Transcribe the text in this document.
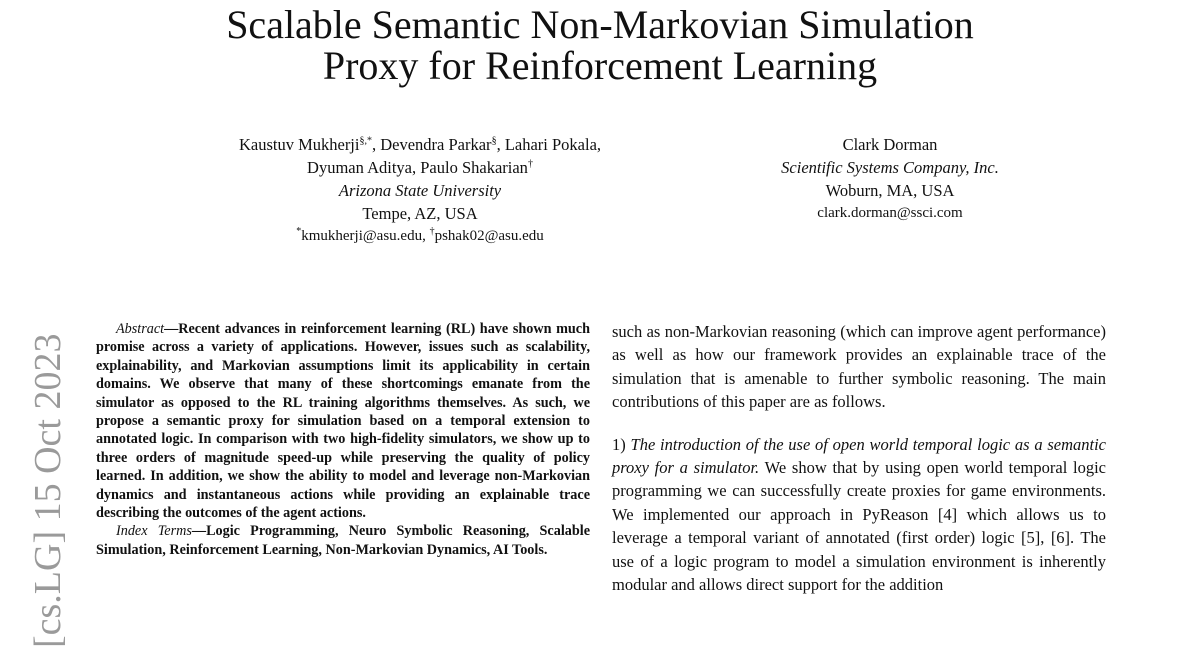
Scalable Semantic Non-Markovian Simulation
Proxy for Reinforcement Learning
Kaustuv Mukherji§,*, Devendra Parkar§, Lahari Pokala,
Dyuman Aditya, Paulo Shakarian†
Arizona State University
Tempe, AZ, USA
*kmukherji@asu.edu, †pshak02@asu.edu
Clark Dorman
Scientific Systems Company, Inc.
Woburn, MA, USA
clark.dorman@ssci.com
[cs.LG] 15 Oct 2023

Abstract—Recent advances in reinforcement learning (RL) have shown much promise across a variety of applications. However, issues such as scalability, explainability, and Markovian assumptions limit its applicability in certain domains. We observe that many of these shortcomings emanate from the simulator as opposed to the RL training algorithms themselves. As such, we propose a semantic proxy for simulation based on a temporal extension to annotated logic. In comparison with two high-fidelity simulators, we show up to three orders of magnitude speed-up while preserving the quality of policy learned. In addition, we show the ability to model and leverage non-Markovian dynamics and instantaneous actions while providing an explainable trace describing the outcomes of the agent actions.

Index Terms—Logic Programming, Neuro Symbolic Reasoning, Scalable Simulation, Reinforcement Learning, Non-Markovian Dynamics, AI Tools.

such as non-Markovian reasoning (which can improve agent performance) as well as how our framework provides an explainable trace of the simulation that is amenable to further symbolic reasoning. The main contributions of this paper are as follows.

1) The introduction of the use of open world temporal logic as a semantic proxy for a simulator. We show that by using open world temporal logic programming we can successfully create proxies for game environments. We implemented our approach in PyReason [4] which allows us to leverage a temporal variant of annotated (first order) logic [5], [6]. The use of a logic program to model a simulation environment is inherently modular and allows direct support for the addition
